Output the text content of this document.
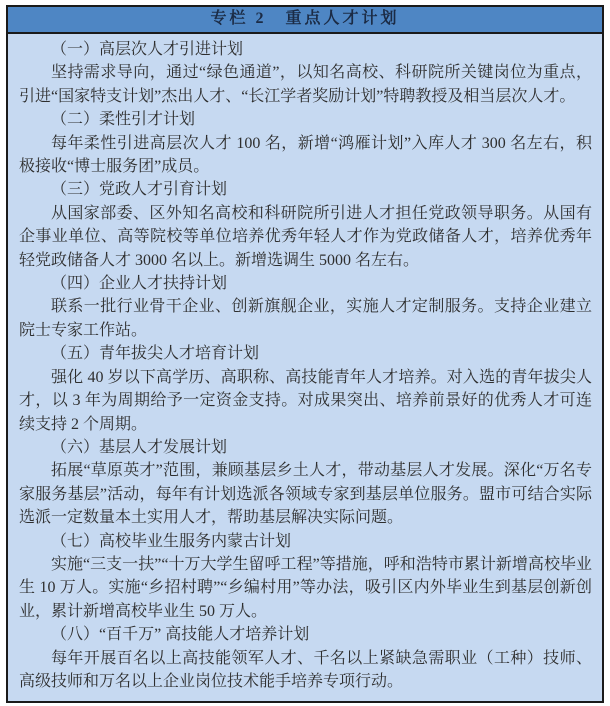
专栏 2　重点人才计划
（一）高层次人才引进计划

坚持需求导向，通过“绿色通道”，以知名高校、科研院所关键岗位为重点，引进“国家特支计划”杰出人才、“长江学者奖励计划”特聘教授及相当层次人才。

（二）柔性引才计划

每年柔性引进高层次人才 100 名，新增“鸿雁计划”入库人才 300 名左右，积极接收“博士服务团”成员。

（三）党政人才引育计划

从国家部委、区外知名高校和科研院所引进人才担任党政领导职务。从国有企事业单位、高等院校等单位培养优秀年轻人才作为党政储备人才，培养优秀年轻党政储备人才 3000 名以上。新增选调生 5000 名左右。

（四）企业人才扶持计划

联系一批行业骨干企业、创新旗舰企业，实施人才定制服务。支持企业建立院士专家工作站。

（五）青年拔尖人才培育计划

强化 40 岁以下高学历、高职称、高技能青年人才培养。对入选的青年拔尖人才，以 3 年为周期给予一定资金支持。对成果突出、培养前景好的优秀人才可连续支持 2 个周期。

（六）基层人才发展计划

拓展“草原英才”范围，兼顾基层乡土人才，带动基层人才发展。深化“万名专家服务基层”活动，每年有计划选派各领域专家到基层单位服务。盟市可结合实际选派一定数量本土实用人才，帮助基层解决实际问题。

（七）高校毕业生服务内蒙古计划

实施“三支一扶”“十万大学生留呼工程”等措施，呼和浩特市累计新增高校毕业生 10 万人。实施“乡招村聘”“乡编村用”等办法，吸引区内外毕业生到基层创新创业，累计新增高校毕业生 50 万人。

（八）“百千万” 高技能人才培养计划

每年开展百名以上高技能领军人才、千名以上紧缺急需职业（工种）技师、高级技师和万名以上企业岗位技术能手培养专项行动。
